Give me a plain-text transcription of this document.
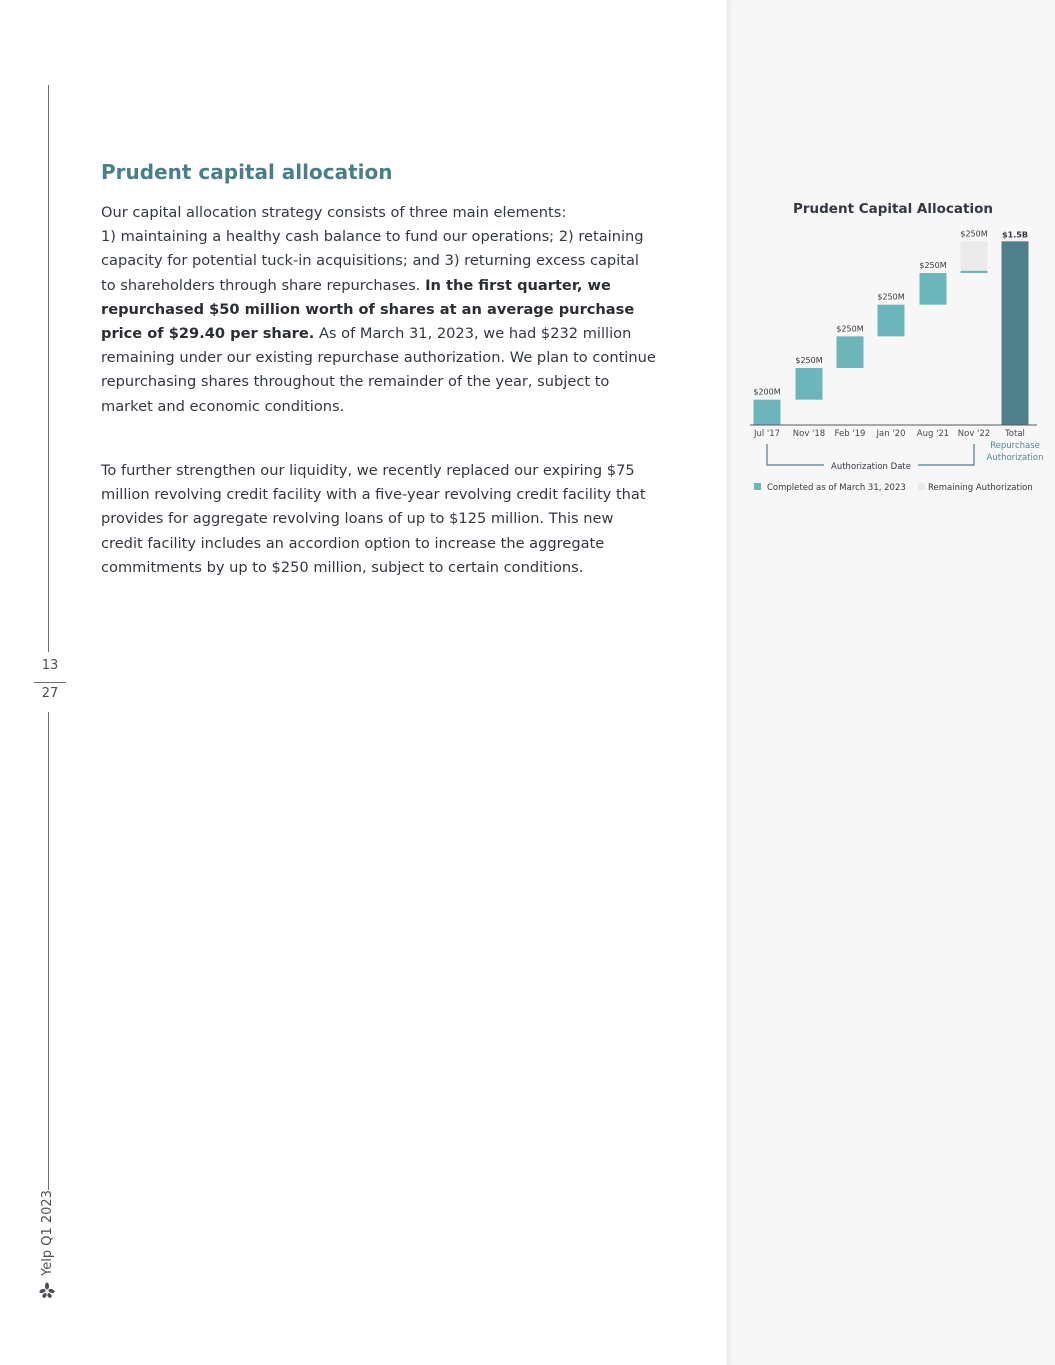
13
27
Yelp Q1 2023
Prudent capital allocation

Our capital allocation strategy consists of three main elements:
1) maintaining a healthy cash balance to fund our operations; 2) retaining capacity for potential tuck-in acquisitions; and 3) returning excess capital to shareholders through share repurchases. In the first quarter, we repurchased $50 million worth of shares at an average purchase price of $29.40 per share. As of March 31, 2023, we had $232 million remaining under our existing repurchase authorization. We plan to continue repurchasing shares throughout the remainder of the year, subject to market and economic conditions.

To further strengthen our liquidity, we recently replaced our expiring $75 million revolving credit facility with a five-year revolving credit facility that provides for aggregate revolving loans of up to $125 million. This new credit facility includes an accordion option to increase the aggregate commitments by up to $250 million, subject to certain conditions.

Prudent Capital Allocation
$200M
$250M
$250M
$250M
$250M
$250M $1.5B
Jul '17 Nov '18 Feb '19 Jan '20 Aug '21 Nov '22 Total
Repurchase
Authorization
Authorization Date
Completed as of March 31, 2023	Remaining Authorization
